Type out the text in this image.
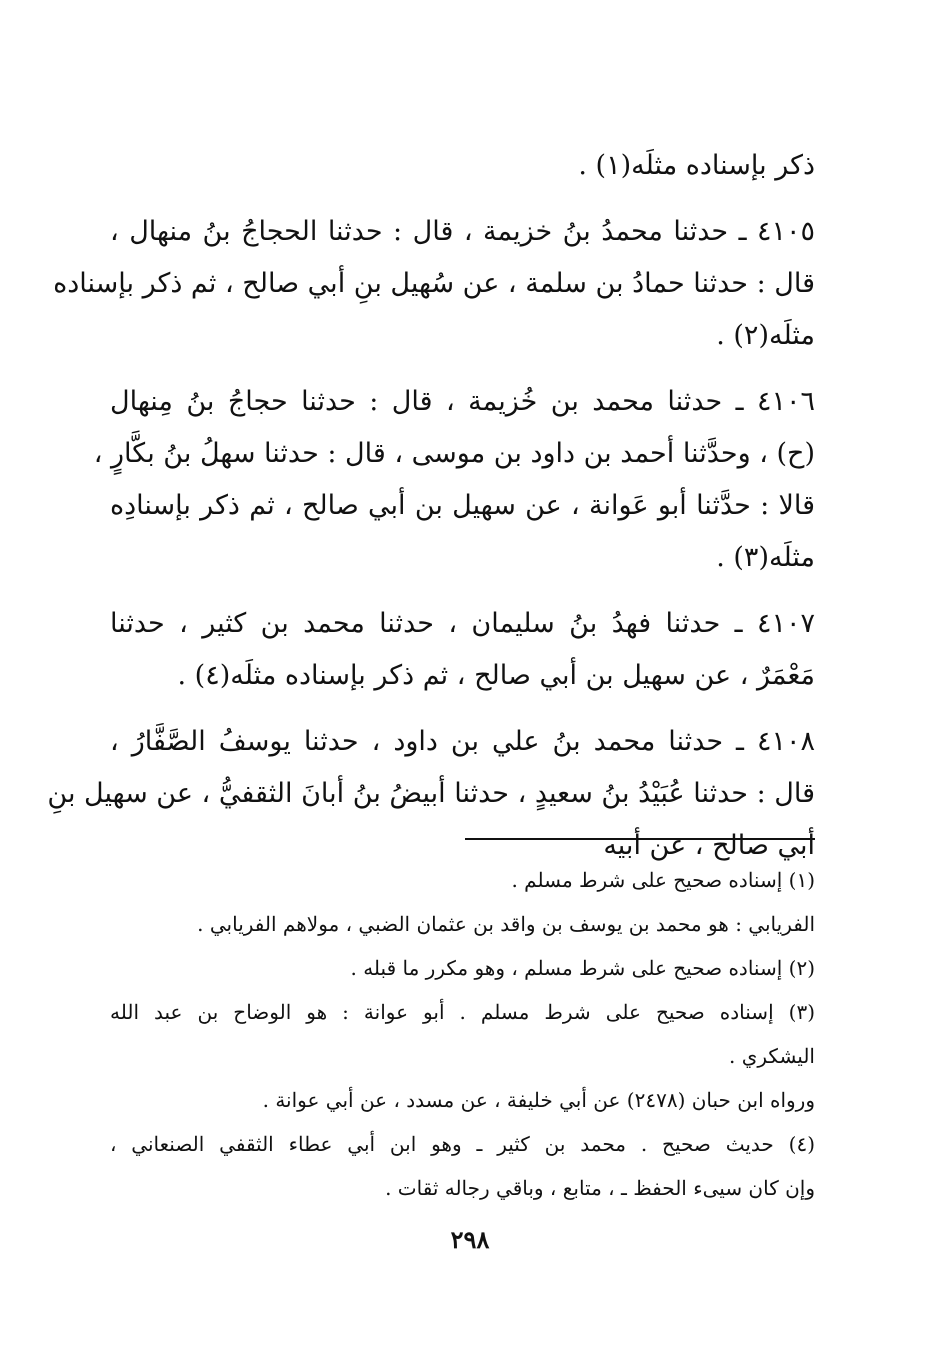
ذكر بإسناده مثلَه(١) .
٤١٠٥ ـ حدثنا محمدُ بنُ خزيمة ، قال : حدثنا الحجاجُ بنُ منهال ،
قال : حدثنا حمادُ بن سلمة ، عن سُهيل بنِ أبي صالح ، ثم ذكر بإسناده
مثلَه(٢) .
٤١٠٦ ـ حدثنا محمد بن خُزيمة ، قال : حدثنا حجاجُ بنُ مِنهال
(ح) ، وحدَّثنا أحمد بن داود بن موسى ، قال : حدثنا سهلُ بنُ بكَّارٍ ،
قالا : حدَّثنا أبو عَوانة ، عن سهيل بن أبي صالح ، ثم ذكر بإسنادِه
مثلَه(٣) .
٤١٠٧ ـ حدثنا فهدُ بنُ سليمان ، حدثنا محمد بن كثير ، حدثنا
مَعْمَرٌ ، عن سهيل بن أبي صالح ، ثم ذكر بإسناده مثلَه(٤) .
٤١٠٨ ـ حدثنا محمد بنُ علي بن داود ، حدثنا يوسفُ الصَّفَّارُ ،
قال : حدثنا عُبَيْدُ بنُ سعيدٍ ، حدثنا أبيضُ بنُ أبانَ الثقفيُّ ، عن سهيل بنِ
أبي صالح ، عن أبيه
(١) إسناده صحيح على شرط مسلم .
الفريابي : هو محمد بن يوسف بن واقد بن عثمان الضبي ، مولاهم الفريابي .
(٢) إسناده صحيح على شرط مسلم ، وهو مكرر ما قبله .
(٣) إسناده صحيح على شرط مسلم . أبو عوانة : هو الوضاح بن عبد الله
اليشكري .
ورواه ابن حبان (٢٤٧٨) عن أبي خليفة ، عن مسدد ، عن أبي عوانة .
(٤) حديث صحيح . محمد بن كثير ـ وهو ابن أبي عطاء الثقفي الصنعاني ،
وإن كان سيىء الحفظ ـ ، متابع ، وباقي رجاله ثقات .
٢٩٨
